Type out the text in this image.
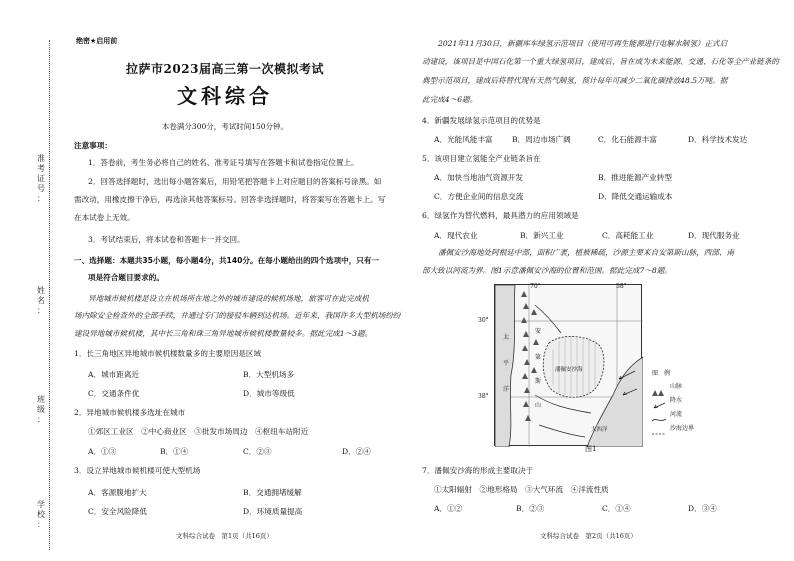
准
考
证
号
：
姓
名
：
班
级
：
学
校
：
绝密★启用前
拉萨市2023届高三第一次模拟考试
文科综合
本卷满分300分，考试时间150分钟。
注意事项：
1．答卷前，考生务必将自己的姓名、准考证号填写在答题卡和试卷指定位置上。
2．回答选择题时，选出每小题答案后，用铅笔把答题卡上对应题目的答案标号涂黑。如
需改动，用橡皮擦干净后，再选涂其他答案标号。回答非选择题时，将答案写在答题卡上。写
在本试卷上无效。
3．考试结束后，将本试卷和答题卡一并交回。
一、选择题：本题共35小题，每小题4分，共140分。在每小题给出的四个选项中，只有一
项是符合题目要求的。
异地城市候机楼是设立在机场所在地之外的城市建设的候机场地，旅客可在此完成机
场内除安全检查外的全部手续，并通过专门的接驳车辆到达机场。近年来，我国许多大型机场纷纷
建设异地城市候机楼，其中长三角和珠三角异地城市候机楼数量较多。据此完成1～3题。
1．长三角地区异地城市候机楼数量多的主要原因是区域
A．城市距离近	B．大型机场多
C．交通条件优	D．城市等级低
2．异地城市候机楼多选址在城市
①郊区工业区　②中心商业区　③批发市场周边　④枢纽车站附近
A．①③	B．①④	C．②③	D．②④
3．设立异地城市候机楼可使大型机场
A．客源腹地扩大	B．交通拥堵缓解
C．安全风险降低	D．环境质量提高
文科综合试卷　第1页（共16页）
2021年11月30日，新疆库车绿氢示范项目（使用可再生能源进行电解水制氢）正式启
动建设，该项目是中国石化第一个重大绿氢项目，建成后，旨在成为未来能源、交通、石化等全产业链条的
典型示范项目，建成后将替代现有天然气制氢，预计每年可减少二氧化碳排放48.5万吨。据
此完成4～6题。
4．新疆发展绿氢示范项目的优势是
A．光能风能丰富	B．周边市场广阔	C．化石能源丰富	D．科学技术发达
5．该项目建立氢能全产业链条旨在
A．加快当地油气资源开发	B．推进能源产业转型
C．方便企业间的信息交流	D．降低交通运输成本
6．绿氢作为替代燃料，最具潜力的应用领域是
A．现代农业	B．新兴工业	C．高耗能工业	D．现代服务业
潘佩安沙海地处阿根廷中部，面积广袤，植被稀疏，沙源主要来自安第斯山脉，西部、南
部大致以河流为界。图1示意潘佩安沙海的位置和范围。据此完成7～8题。
太
平
洋
安
第
斯
山
潘佩安沙海
大西洋
70°	58°
30°
38°
图　例
山脉
降水
河流
沙海边界
图1
7．潘佩安沙海的形成主要取决于
①太阳辐射　②地形格局　③大气环流　④洋流性质
A．①②	B．②③	C．①④	D．③④
文科综合试卷　第2页（共16页）
